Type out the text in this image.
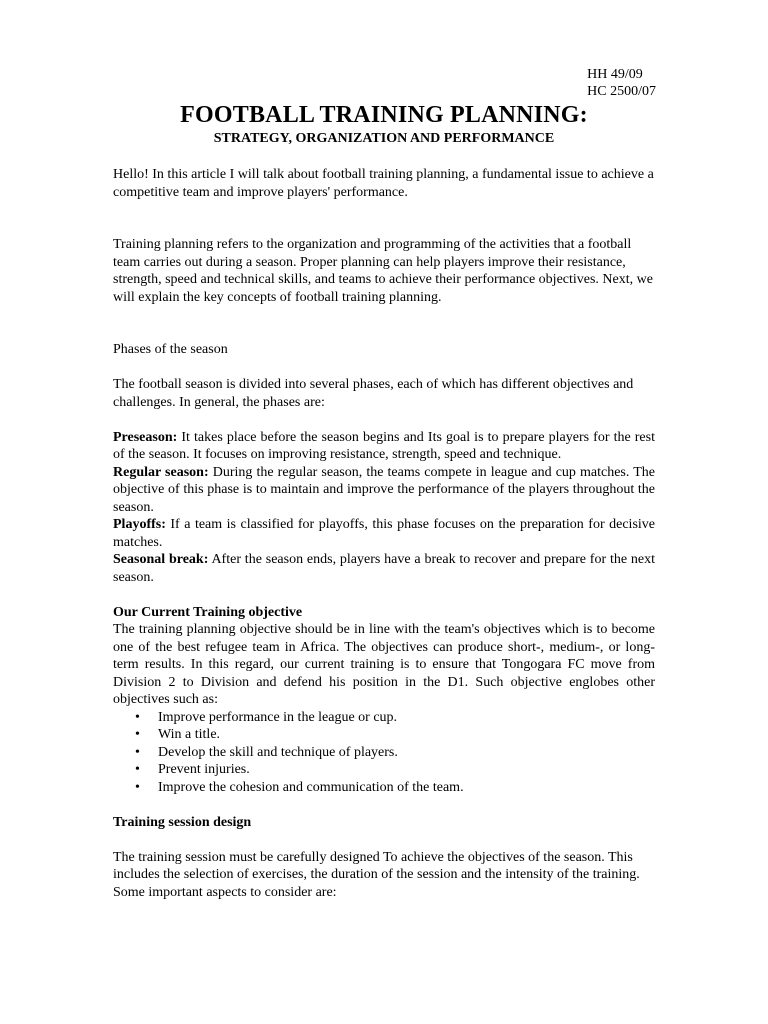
HH 49/09
HC 2500/07
FOOTBALL TRAINING PLANNING:
STRATEGY, ORGANIZATION AND PERFORMANCE

Hello! In this article I will talk about football training planning, a fundamental issue to achieve a competitive team and improve players' performance.

Training planning refers to the organization and programming of the activities that a football team carries out during a season. Proper planning can help players improve their resistance, strength, speed and technical skills, and teams to achieve their performance objectives. Next, we will explain the key concepts of football training planning.

Phases of the season

The football season is divided into several phases, each of which has different objectives and challenges. In general, the phases are:

Preseason: It takes place before the season begins and Its goal is to prepare players for the rest of the season. It focuses on improving resistance, strength, speed and technique.

Regular season: During the regular season, the teams compete in league and cup matches. The objective of this phase is to maintain and improve the performance of the players throughout the season.

Playoffs: If a team is classified for playoffs, this phase focuses on the preparation for decisive matches.

Seasonal break: After the season ends, players have a break to recover and prepare for the next season.

Our Current Training objective

The training planning objective should be in line with the team's objectives which is to become one of the best refugee team in Africa. The objectives can produce short-, medium-, or long-term results. In this regard, our current training is to ensure that Tongogara FC move from Division 2 to Division and defend his position in the D1. Such objective englobes other objectives such as:

• Improve performance in the league or cup.
• Win a title.
• Develop the skill and technique of players.
• Prevent injuries.
• Improve the cohesion and communication of the team.

Training session design

The training session must be carefully designed To achieve the objectives of the season. This includes the selection of exercises, the duration of the session and the intensity of the training. Some important aspects to consider are:
